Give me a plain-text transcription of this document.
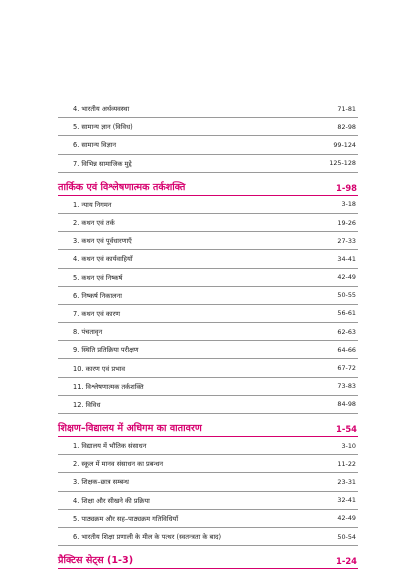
4. भारतीय अर्थव्यवस्था	71-81
5. सामान्य ज्ञान (विविध)	82-98
6. सामान्य विज्ञान	99-124
7. विभिन्न सामाजिक मुद्दे	125-128
तार्किक एवं विश्लेषणात्मक तर्कशक्ति	1-98
1. न्याय निगमन	3-18
2. कथन एवं तर्क	19-26
3. कथन एवं पूर्वधारणाएँ	27-33
4. कथन एवं कार्यवाहियाँ	34-41
5. कथन एवं निष्कर्ष	42-49
6. निष्कर्ष निकालना	50-55
7. कथन एवं कारण	56-61
8. पंचतावृन	62-63
9. स्थिति प्रतिक्रिया परीक्षण	64-66
10. कारण एवं प्रभाव	67-72
11. विश्लेषणात्मक तर्कशक्ति	73-83
12. विविध	84-98
शिक्षण–विद्यालय में अधिगम का वातावरण	1-54
1. विद्यालय में भौतिक संसाधन	3-10
2. स्कूल में मानव संसाधन का प्रबन्धन	11-22
3. शिक्षक–छात्र सम्बन्ध	23-31
4. शिक्षा और सीखने की प्रक्रिया	32-41
5. पाठ्यक्रम और सह–पाठ्यक्रम गतिविधियाँ	42-49
6. भारतीय शिक्षा प्रणाली के मील के पत्थर (स्वतन्त्रता के बाद)	50-54
प्रैक्टिस सेट्स (1-3)	1-24
